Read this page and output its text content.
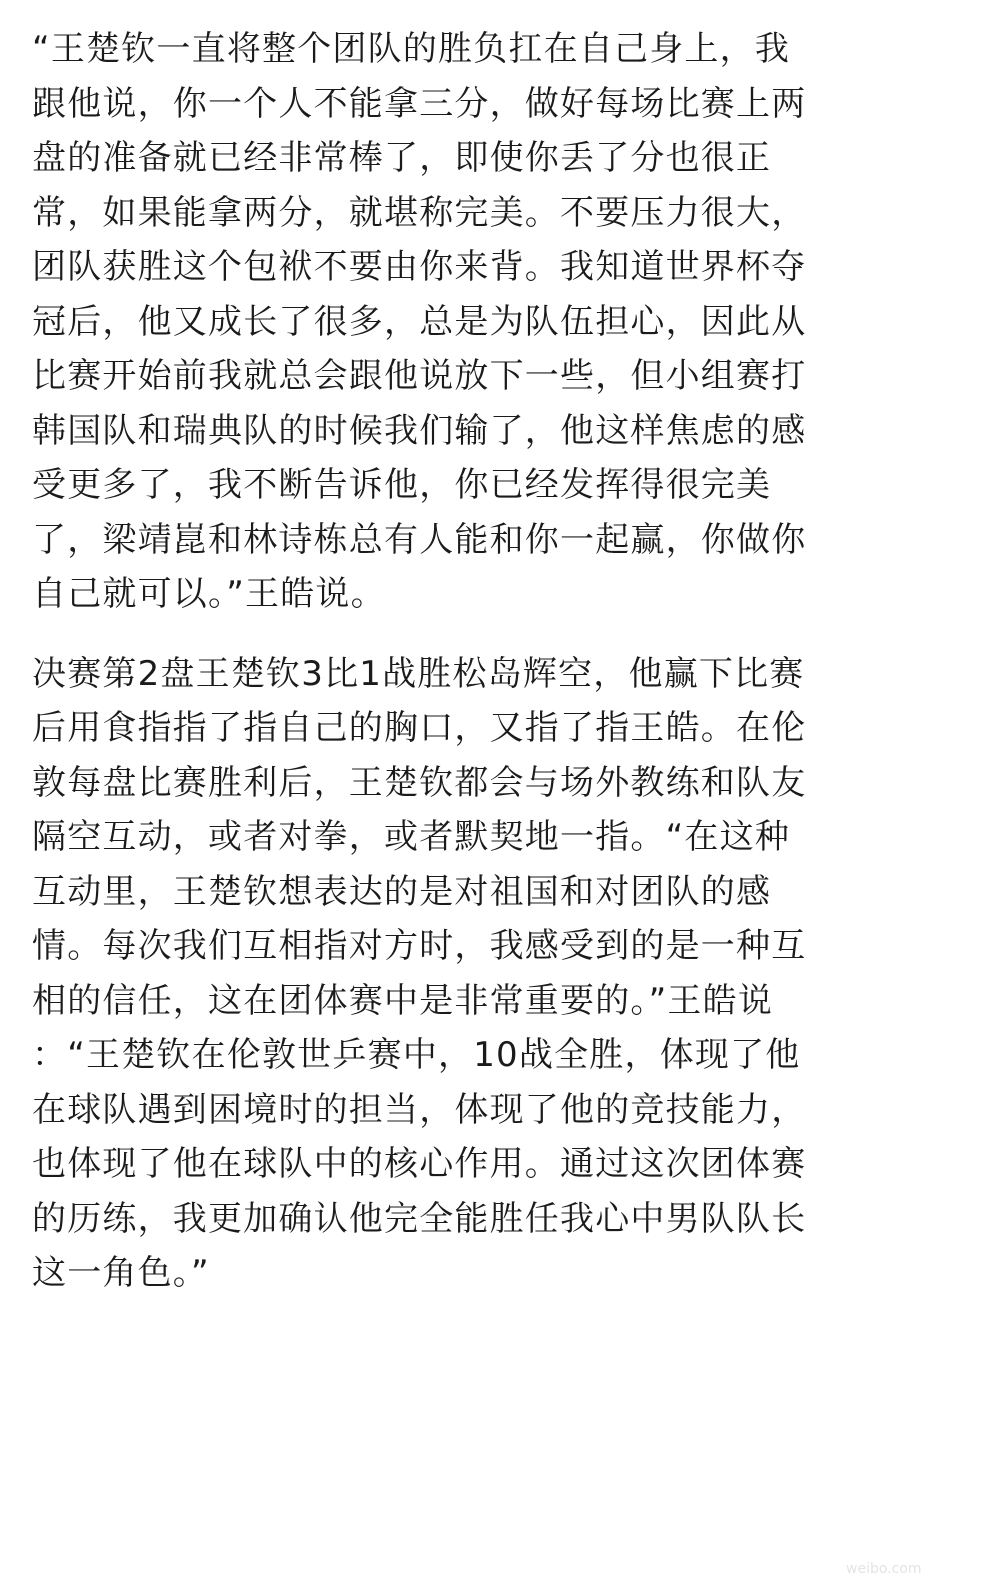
“王楚钦一直将整个团队的胜负扛在自己身上，我
跟他说，你一个人不能拿三分，做好每场比赛上两
盘的准备就已经非常棒了，即使你丢了分也很正
常，如果能拿两分，就堪称完美。不要压力很大，
团队获胜这个包袱不要由你来背。我知道世界杯夺
冠后，他又成长了很多，总是为队伍担心，因此从
比赛开始前我就总会跟他说放下一些，但小组赛打
韩国队和瑞典队的时候我们输了，他这样焦虑的感
受更多了，我不断告诉他，你已经发挥得很完美
了，梁靖崑和林诗栋总有人能和你一起赢，你做你
自己就可以。”王皓说。

决赛第2盘王楚钦3比1战胜松岛辉空，他赢下比赛
后用食指指了指自己的胸口，又指了指王皓。在伦
敦每盘比赛胜利后，王楚钦都会与场外教练和队友
隔空互动，或者对拳，或者默契地一指。“在这种
互动里，王楚钦想表达的是对祖国和对团队的感
情。每次我们互相指对方时，我感受到的是一种互
相的信任，这在团体赛中是非常重要的。”王皓说
：“王楚钦在伦敦世乒赛中，10战全胜，体现了他
在球队遇到困境时的担当，体现了他的竞技能力，
也体现了他在球队中的核心作用。通过这次团体赛
的历练，我更加确认他完全能胜任我心中男队队长
这一角色。”

weibo.com
